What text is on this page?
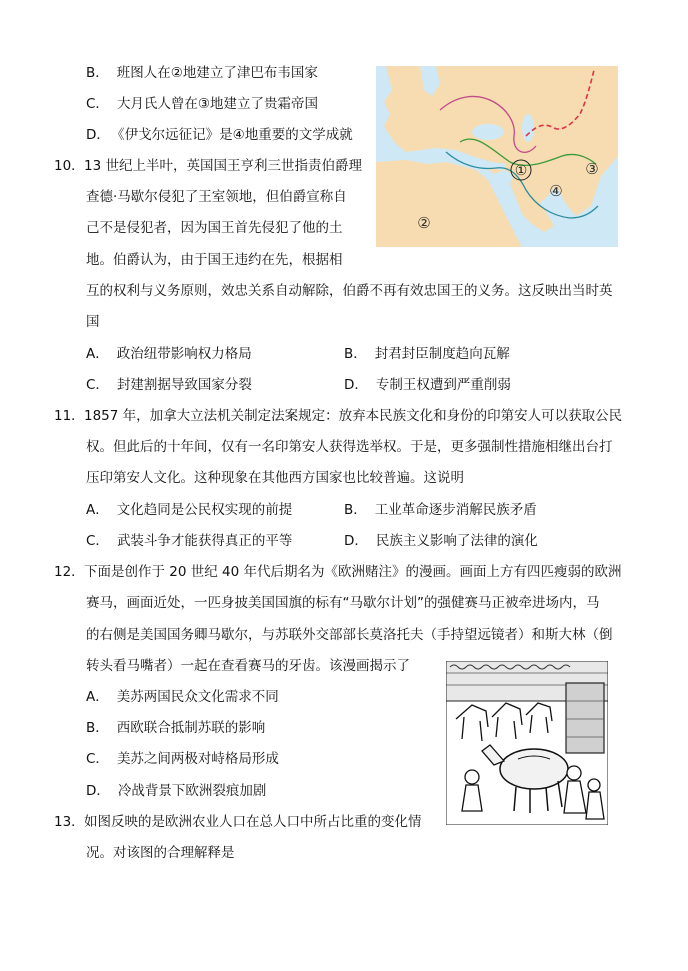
B． 班图人在②地建立了津巴布韦国家
C． 大月氏人曾在③地建立了贵霜帝国
D． 《伊戈尔远征记》是④地重要的文学成就
①
②
③
④
10． 13 世纪上半叶，英国国王亨利三世指责伯爵理
查德·马歇尔侵犯了王室领地，但伯爵宣称自
己不是侵犯者，因为国王首先侵犯了他的土
地。伯爵认为，由于国王违约在先，根据相
互的权利与义务原则，效忠关系自动解除，伯爵不再有效忠国王的义务。这反映出当时英
国
A． 政治纽带影响权力格局	B． 封君封臣制度趋向瓦解
C． 封建割据导致国家分裂	D． 专制王权遭到严重削弱
11． 1857 年，加拿大立法机关制定法案规定：放弃本民族文化和身份的印第安人可以获取公民
权。但此后的十年间，仅有一名印第安人获得选举权。于是，更多强制性措施相继出台打
压印第安人文化。这种现象在其他西方国家也比较普遍。这说明
A． 文化趋同是公民权实现的前提	B． 工业革命逐步消解民族矛盾
C． 武装斗争才能获得真正的平等	D． 民族主义影响了法律的演化
12． 下面是创作于 20 世纪 40 年代后期名为《欧洲赌注》的漫画。画面上方有四匹瘦弱的欧洲
赛马，画面近处，一匹身披美国国旗的标有“马歇尔计划”的强健赛马正被牵进场内，马
的右侧是美国国务卿马歇尔，与苏联外交部部长莫洛托夫（手持望远镜者）和斯大林（倒
转头看马嘴者）一起在查看赛马的牙齿。该漫画揭示了
A． 美苏两国民众文化需求不同
B． 西欧联合抵制苏联的影响
C． 美苏之间两极对峙格局形成
D． 冷战背景下欧洲裂痕加剧
13． 如图反映的是欧洲农业人口在总人口中所占比重的变化情
况。对该图的合理解释是
